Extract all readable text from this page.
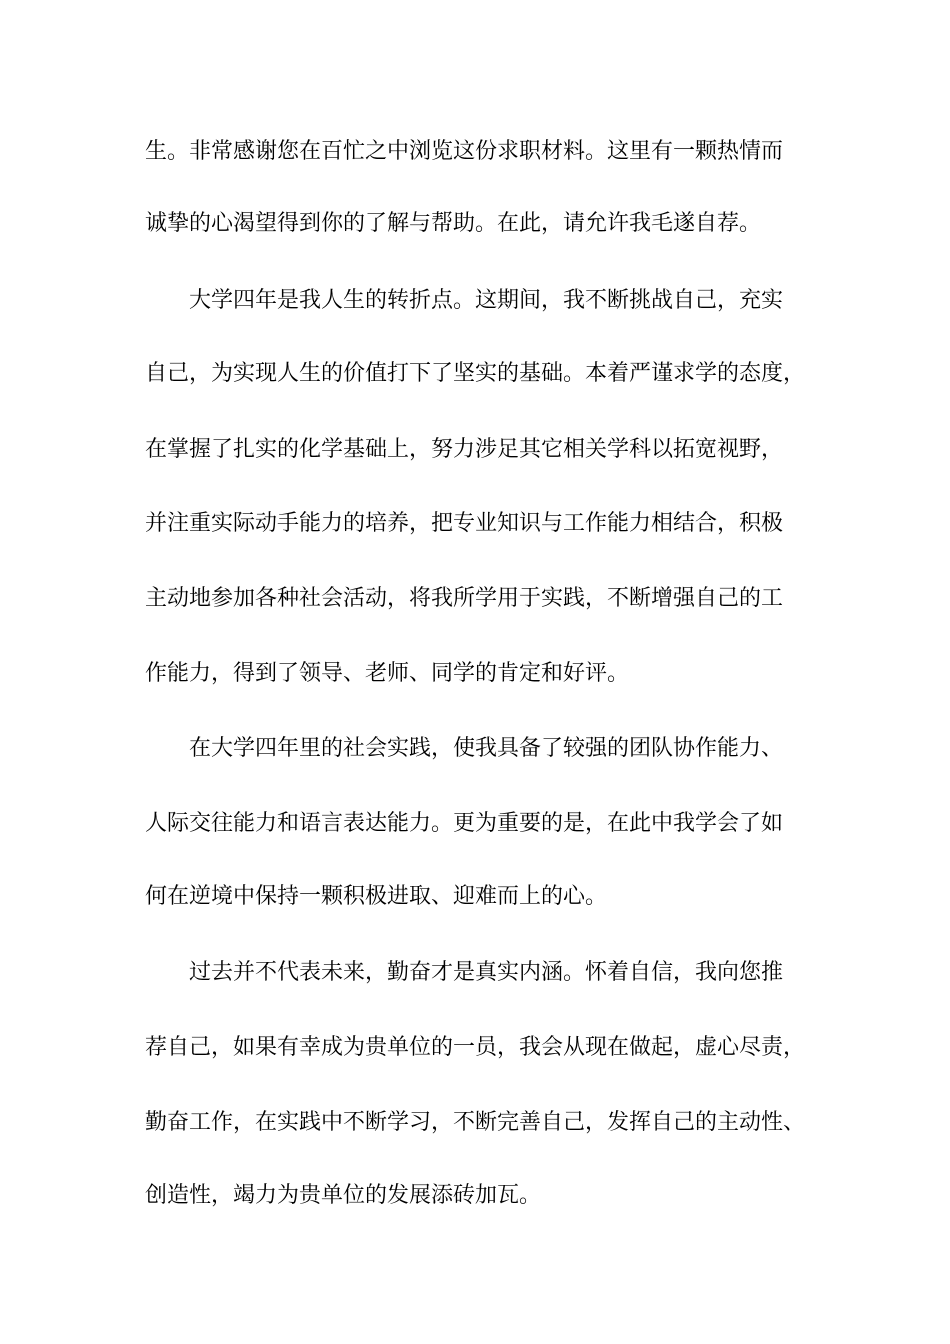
生。非常感谢您在百忙之中浏览这份求职材料。这里有一颗热情而
诚挚的心渴望得到你的了解与帮助。在此，请允许我毛遂自荐。
大学四年是我人生的转折点。这期间，我不断挑战自己，充实
自己，为实现人生的价值打下了坚实的基础。本着严谨求学的态度，
在掌握了扎实的化学基础上，努力涉足其它相关学科以拓宽视野，
并注重实际动手能力的培养，把专业知识与工作能力相结合，积极
主动地参加各种社会活动，将我所学用于实践，不断增强自己的工
作能力，得到了领导、老师、同学的肯定和好评。
在大学四年里的社会实践，使我具备了较强的团队协作能力、
人际交往能力和语言表达能力。更为重要的是，在此中我学会了如
何在逆境中保持一颗积极进取、迎难而上的心。
过去并不代表未来，勤奋才是真实内涵。怀着自信，我向您推
荐自己，如果有幸成为贵单位的一员，我会从现在做起，虚心尽责，
勤奋工作，在实践中不断学习，不断完善自己，发挥自己的主动性、
创造性，竭力为贵单位的发展添砖加瓦。
